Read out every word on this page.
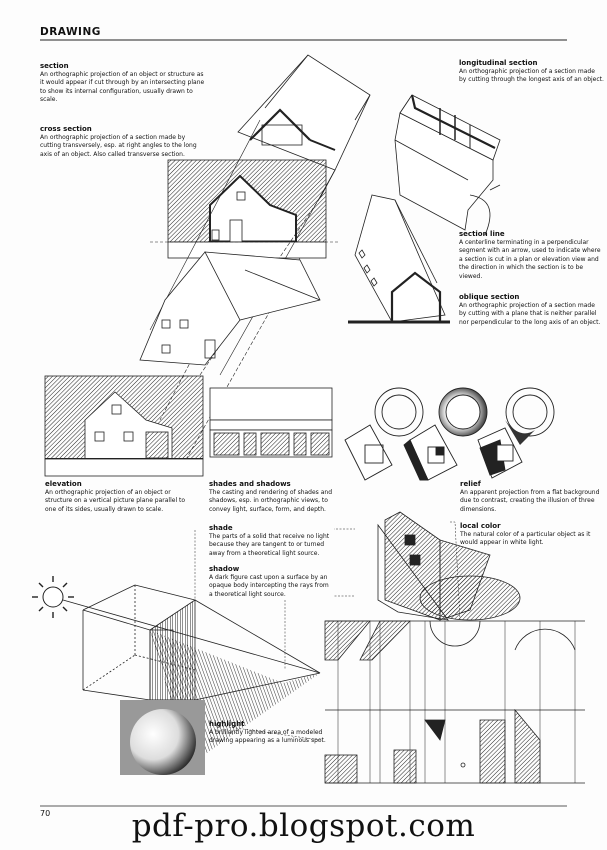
DRAWING
section
An orthographic projection of an object or structure as it would appear if cut through by an intersecting plane to show its internal configuration, usually drawn to scale.
cross section
An orthographic projection of a section made by cutting transversely, esp. at right angles to the long axis of an object. Also called transverse section.
longitudinal section
An orthographic projection of a section made by cutting through the longest axis of an object.
section line
A centerline terminating in a perpendicular segment with an arrow, used to indicate where a section is cut in a plan or elevation view and the direction in which the section is to be viewed.
oblique section
An orthographic projection of a section made by cutting with a plane that is neither parallel nor perpendicular to the long axis of an object.
elevation
An orthographic projection of an object or structure on a vertical picture plane parallel to one of its sides, usually drawn to scale.
shades and shadows
The casting and rendering of shades and shadows, esp. in orthographic views, to convey light, surface, form, and depth.
shade
The parts of a solid that receive no light because they are tangent to or turned away from a theoretical light source.
shadow
A dark figure cast upon a surface by an opaque body intercepting the rays from a theoretical light source.
relief
An apparent projection from a flat background due to contrast, creating the illusion of three dimensions.
local color
The natural color of a particular object as it would appear in white light.
highlight
A brilliantly lighted area of a modeled drawing appearing as a luminous spot.
70	pdf-pro.blogspot.com
